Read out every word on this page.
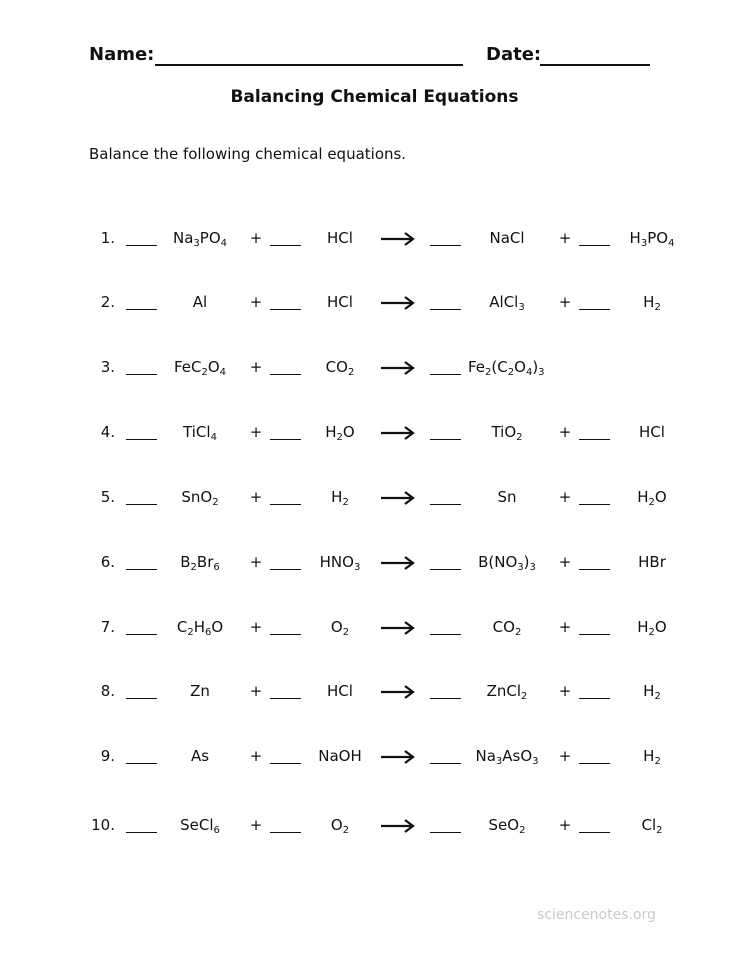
Name:	Date:
Balancing Chemical Equations
Balance the following chemical equations.
1.	$Na_3PO_4$	+	HCl	NaCl	+	$H_3PO_4$
2.	Al	+	HCl	AlCl$_3$	+	$H_2$
3.	$FeC_2O_4$	+	$CO_2$	$Fe_2(C_2O_4)_3$
4.	TiCl$_4$	+	$H_2O$	TiO$_2$	+	HCl
5.	SnO$_2$	+	$H_2$	Sn	+	$H_2O$
6.	$B_2Br_6$	+	$HNO_3$	$B(NO_3)_3$	+	HBr
7.	$C_2H_6O$	+	$O_2$	$CO_2$	+	$H_2O$
8.	Zn	+	HCl	ZnCl$_2$	+	$H_2$
9.	As	+	NaOH	$Na_3AsO_3$	+	$H_2$
10.	SeCl$_6$	+	$O_2$	SeO$_2$	+	$Cl_2$
sciencenotes.org
